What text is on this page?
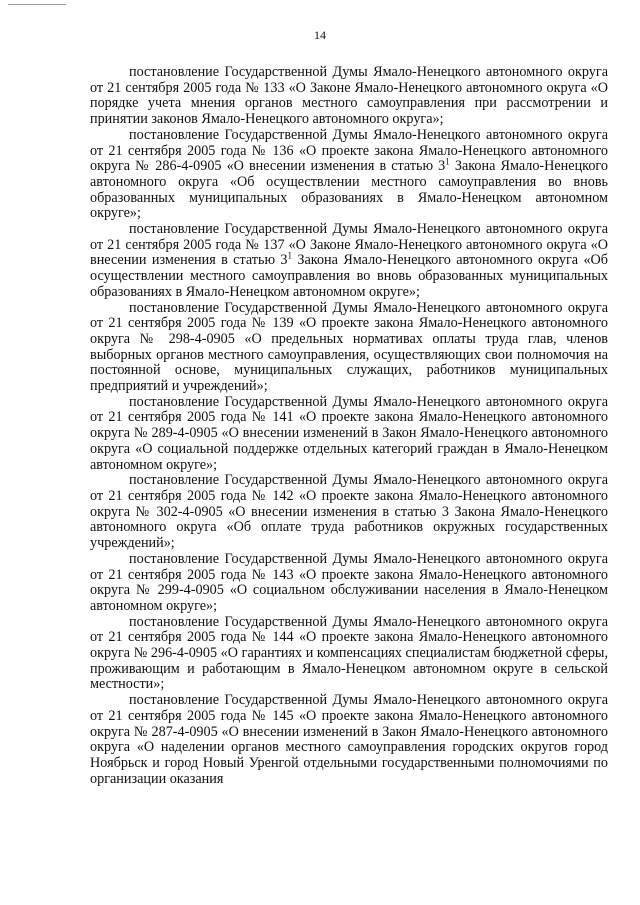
14

постановление Государственной Думы Ямало-Ненецкого автономного округа от 21 сентября 2005 года № 133 «О Законе Ямало-Ненецкого автономного округа «О порядке учета мнения органов местного самоуправления при рассмотрении и принятии законов Ямало-Ненецкого автономного округа»;

постановление Государственной Думы Ямало-Ненецкого автономного округа от 21 сентября 2005 года № 136 «О проекте закона Ямало-Ненецкого автономного округа № 286-4-0905 «О внесении изменения в статью $3^1$ Закона Ямало-Ненецкого автономного округа «Об осуществлении местного самоуправления во вновь образованных муниципальных образованиях в Ямало-Ненецком автономном округе»;

постановление Государственной Думы Ямало-Ненецкого автономного округа от 21 сентября 2005 года № 137 «О Законе Ямало-Ненецкого автономного округа «О внесении изменения в статью $3^1$ Закона Ямало-Ненецкого автономного округа «Об осуществлении местного самоуправления во вновь образованных муниципальных образованиях в Ямало-Ненецком автономном округе»;

постановление Государственной Думы Ямало-Ненецкого автономного округа от 21 сентября 2005 года № 139 «О проекте закона Ямало-Ненецкого автономного округа № 298-4-0905 «О предельных нормативах оплаты труда глав, членов выборных органов местного самоуправления, осуществляющих свои полномочия на постоянной основе, муниципальных служащих, работников муниципальных предприятий и учреждений»;

постановление Государственной Думы Ямало-Ненецкого автономного округа от 21 сентября 2005 года № 141 «О проекте закона Ямало-Ненецкого автономного округа № 289-4-0905 «О внесении изменений в Закон Ямало-Ненецкого автономного округа «О социальной поддержке отдельных категорий граждан в Ямало-Ненецком автономном округе»;

постановление Государственной Думы Ямало-Ненецкого автономного округа от 21 сентября 2005 года № 142 «О проекте закона Ямало-Ненецкого автономного округа № 302-4-0905 «О внесении изменения в статью 3 Закона Ямало-Ненецкого автономного округа «Об оплате труда работников окружных государственных учреждений»;

постановление Государственной Думы Ямало-Ненецкого автономного округа от 21 сентября 2005 года № 143 «О проекте закона Ямало-Ненецкого автономного округа № 299-4-0905 «О социальном обслуживании населения в Ямало-Ненецком автономном округе»;

постановление Государственной Думы Ямало-Ненецкого автономного округа от 21 сентября 2005 года № 144 «О проекте закона Ямало-Ненецкого автономного округа № 296-4-0905 «О гарантиях и компенсациях специалистам бюджетной сферы, проживающим и работающим в Ямало-Ненецком автономном округе в сельской местности»;

постановление Государственной Думы Ямало-Ненецкого автономного округа от 21 сентября 2005 года № 145 «О проекте закона Ямало-Ненецкого автономного округа № 287-4-0905 «О внесении изменений в Закон Ямало-Ненецкого автономного округа «О наделении органов местного самоуправления городских округов город Ноябрьск и город Новый Уренгой отдельными государственными полномочиями по организации оказания
